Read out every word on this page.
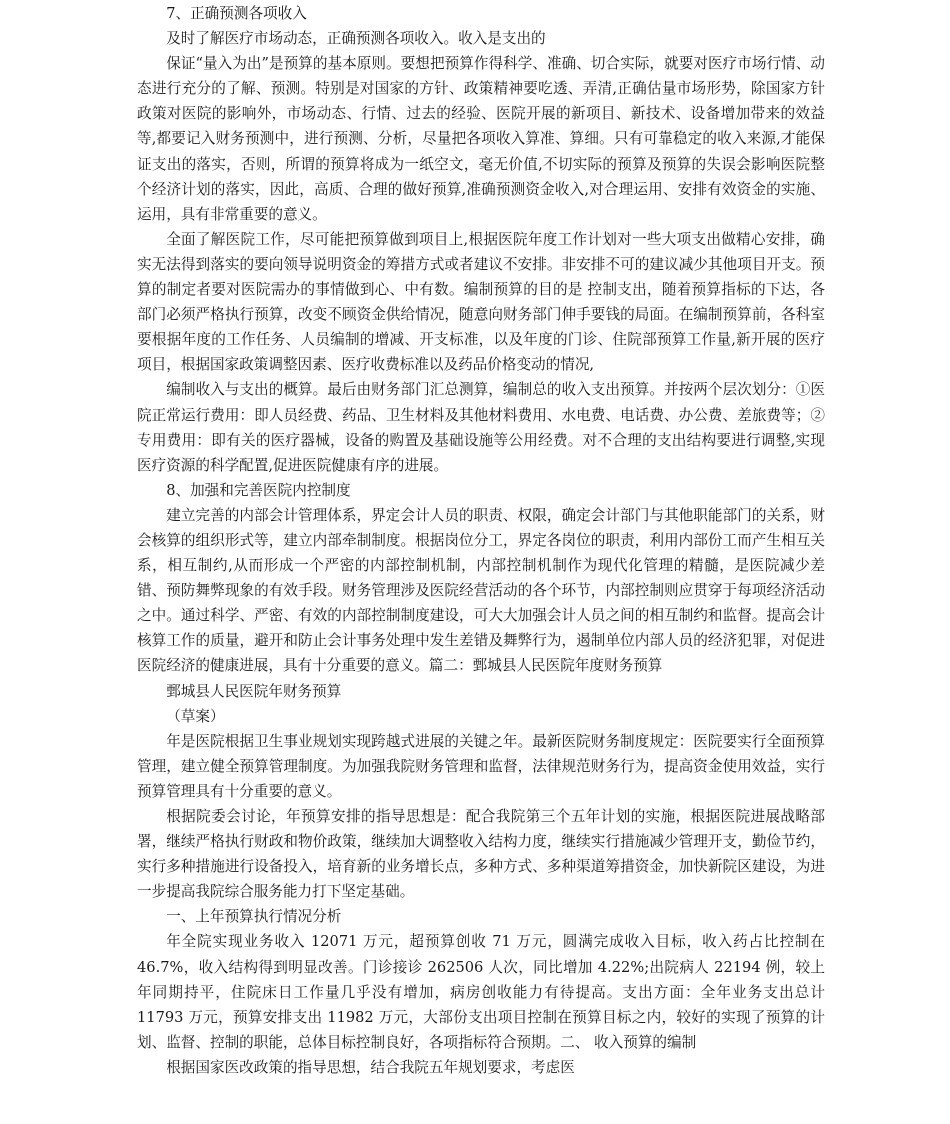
7、正确预测各项收入

及时了解医疗市场动态，正确预测各项收入。收入是支出的

保证“量入为出”是预算的基本原则。要想把预算作得科学、准确、切合实际，就要对医疗市场行情、动态进行充分的了解、预测。特别是对国家的方针、政策精神要吃透、弄清,正确估量市场形势，除国家方针政策对医院的影响外，市场动态、行情、过去的经验、医院开展的新项目、新技术、设备增加带来的效益等,都要记入财务预测中，进行预测、分析，尽量把各项收入算准、算细。只有可靠稳定的收入来源,才能保证支出的落实，否则，所谓的预算将成为一纸空文，毫无价值,不切实际的预算及预算的失误会影响医院整个经济计划的落实，因此，高质、合理的做好预算,准确预测资金收入,对合理运用、安排有效资金的实施、运用，具有非常重要的意义。

全面了解医院工作，尽可能把预算做到项目上,根据医院年度工作计划对一些大项支出做精心安排，确实无法得到落实的要向领导说明资金的筹措方式或者建议不安排。非安排不可的建议减少其他项目开支。预算的制定者要对医院需办的事情做到心、中有数。编制预算的目的是 控制支出，随着预算指标的下达，各部门必须严格执行预算，改变不顾资金供给情况，随意向财务部门伸手要钱的局面。在编制预算前，各科室要根据年度的工作任务、人员编制的增减、开支标准，以及年度的门诊、住院部预算工作量,新开展的医疗项目，根据国家政策调整因素、医疗收费标准以及药品价格变动的情况,

编制收入与支出的概算。最后由财务部门汇总测算，编制总的收入支出预算。并按两个层次划分：①医院正常运行费用：即人员经费、药品、卫生材料及其他材料费用、水电费、电话费、办公费、差旅费等；②专用费用：即有关的医疗器械，设备的购置及基础设施等公用经费。对不合理的支出结构要进行调整,实现医疗资源的科学配置,促进医院健康有序的进展。

8、加强和完善医院内控制度

建立完善的内部会计管理体系，界定会计人员的职责、权限，确定会计部门与其他职能部门的关系，财会核算的组织形式等，建立内部牵制制度。根据岗位分工，界定各岗位的职责，利用内部份工而产生相互关系，相互制约,从而形成一个严密的内部控制机制，内部控制机制作为现代化管理的精髓，是医院减少差错、预防舞弊现象的有效手段。财务管理涉及医院经营活动的各个环节，内部控制则应贯穿于每项经济活动之中。通过科学、严密、有效的内部控制制度建设，可大大加强会计人员之间的相互制约和监督。提高会计核算工作的质量，避开和防止会计事务处理中发生差错及舞弊行为，遏制单位内部人员的经济犯罪，对促进医院经济的健康进展，具有十分重要的意义。篇二：鄄城县人民医院年度财务预算

鄄城县人民医院年财务预算

（草案）

年是医院根据卫生事业规划实现跨越式进展的关键之年。最新医院财务制度规定：医院要实行全面预算管理，建立健全预算管理制度。为加强我院财务管理和监督，法律规范财务行为，提高资金使用效益，实行预算管理具有十分重要的意义。

根据院委会讨论，年预算安排的指导思想是：配合我院第三个五年计划的实施，根据医院进展战略部署，继续严格执行财政和物价政策，继续加大调整收入结构力度，继续实行措施减少管理开支，勤俭节约，实行多种措施进行设备投入，培育新的业务增长点，多种方式、多种渠道筹措资金，加快新院区建设，为进一步提高我院综合服务能力打下坚定基础。

一、上年预算执行情况分析

年全院实现业务收入 12071 万元，超预算创收 71 万元，圆满完成收入目标，收入药占比控制在 46.7%，收入结构得到明显改善。门诊接诊 262506 人次，同比增加 4.22%;出院病人 22194 例，较上年同期持平，住院床日工作量几乎没有增加，病房创收能力有待提高。支出方面：全年业务支出总计 11793 万元，预算安排支出 11982 万元，大部份支出项目控制在预算目标之内，较好的实现了预算的计划、监督、控制的职能，总体目标控制良好，各项指标符合预期。二、 收入预算的编制

根据国家医改政策的指导思想，结合我院五年规划要求，考虑医
